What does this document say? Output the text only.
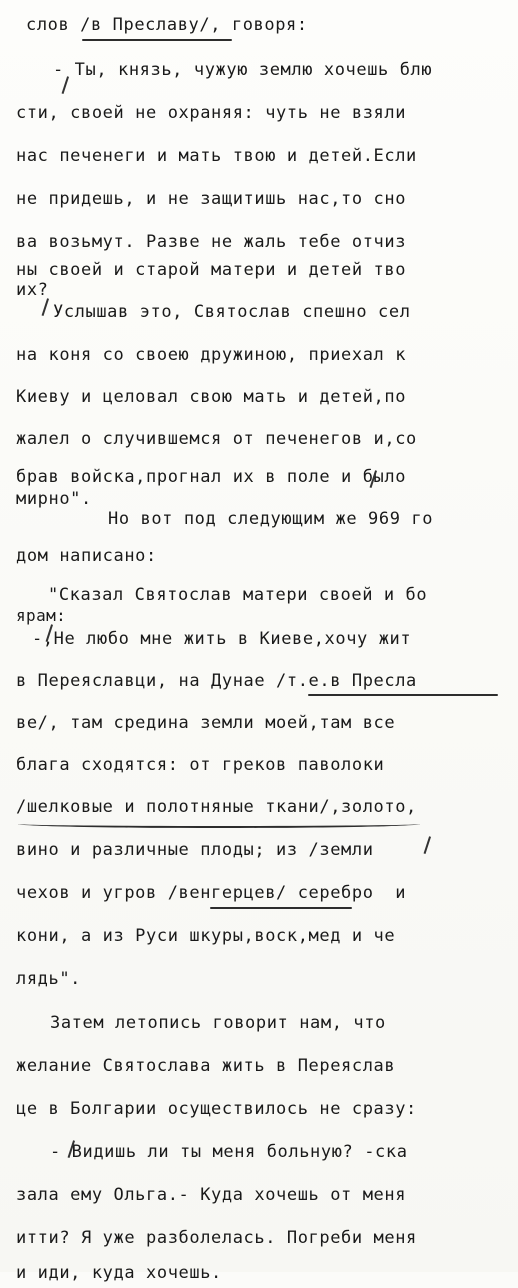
слов /в Преславу/, говоря:
- Ты, князь, чужую землю хочешь блю
сти, своей не охраняя: чуть не взяли
нас печенеги и мать твою и детей.Если
не придешь, и не защитишь нас,то сно
ва возьмут. Разве не жаль тебе отчиз
ны своей и старой матери и детей тво
их?
Услышав это, Святослав спешно сел
на коня со своею дружиною, приехал к
Киеву и целовал свою мать и детей,по
жалел о случившемся от печенегов и,со
брав войска,прогнал их в поле и было
мирно".
Но вот под следующим же 969 го
дом написано:
"Сказал Святослав матери своей и бо
ярам:
-,Не любо мне жить в Киеве,хочу жит
в Переяславци, на Дунае /т.е.в Пресла
ве/, там средина земли моей,там все
блага сходятся: от греков паволоки
/шелковые и полотняные ткани/,золото,
вино и различные плоды; из /земли
чехов и угров /венгерцев/ серебро  и
кони, а из Руси шкуры,воск,мед и че
лядь".
Затем летопись говорит нам, что
желание Святослава жить в Переяслав
це в Болгарии осуществилось не сразу:
- Видишь ли ты меня больную? -ска
зала ему Ольга.- Куда хочешь от меня
итти? Я уже разболелась. Погреби меня
и иди, куда хочешь.
